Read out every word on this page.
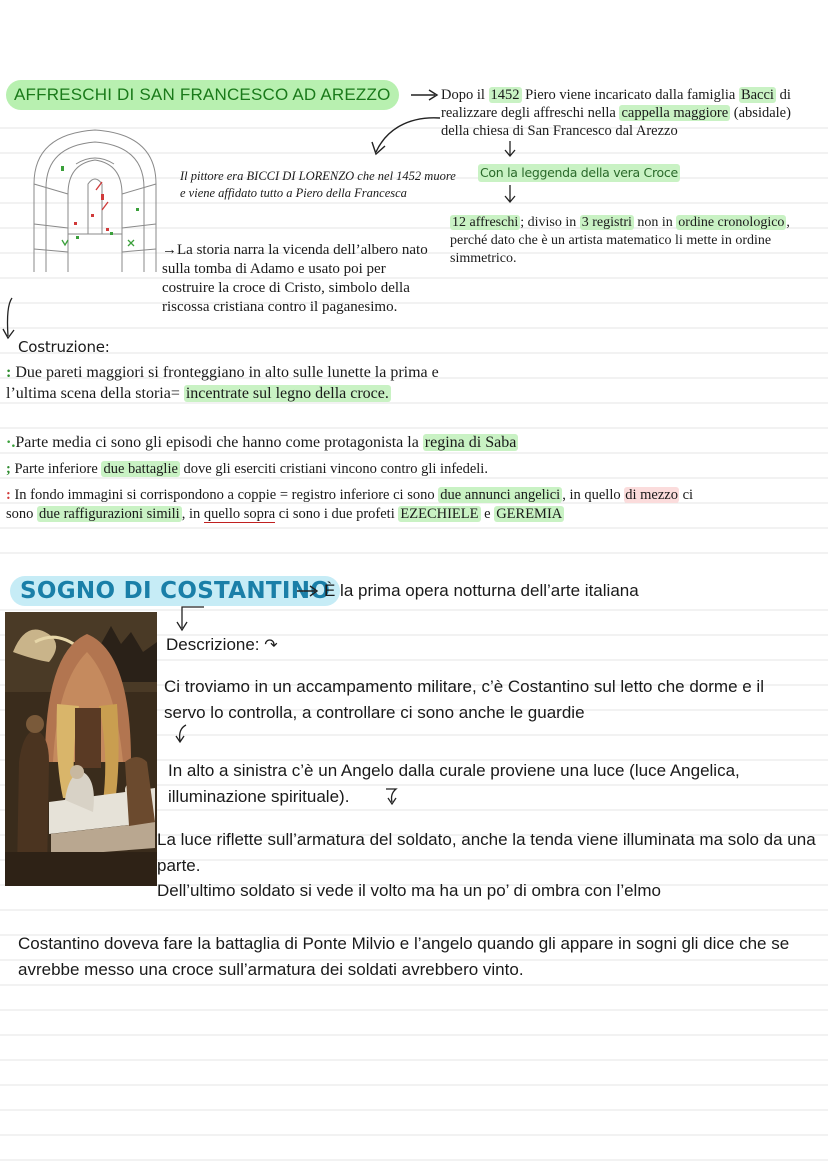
AFFRESCHI DI SAN FRANCESCO AD AREZZO	Dopo il 1452 Piero viene incaricato dalla famiglia Bacci di realizzare degli affreschi nella cappella maggiore (absidale) della chiesa di San Francesco dal Arezzo
Con la leggenda della vera Croce
12 affreschi ; diviso in 3 registri non in ordine cronologico , perché dato che è un artista matematico li mette in ordine simmetrico.
Il pittore era BICCI DI LORENZO che nel 1452 muore e viene affidato tutto a Piero della Francesca
→La storia narra la vicenda dell’albero nato sulla tomba di Adamo e usato poi per costruire la croce di Cristo, simbolo della riscossa cristiana contro il paganesimo.
Costruzione:
: Due pareti maggiori si fronteggiano in alto sulle lunette la prima e l’ultima scena della storia= incentrate sul legno della croce.
·.Parte media ci sono gli episodi che hanno come protagonista la regina di Saba
; Parte inferiore due battaglie dove gli eserciti cristiani vincono contro gli infedeli.
: In fondo immagini si corrispondono a coppie = registro inferiore ci sono due annunci angelici , in quello di mezzo ci sono due raffigurazioni simili , in quello sopra ci sono i due profeti EZECHIELE e GEREMIA
SOGNO DI COSTANTINO
È la prima opera notturna dell’arte italiana
Descrizione: ↷
Ci troviamo in un accampamento militare, c’è Costantino sul letto che dorme e il servo lo controlla, a controllare ci sono anche le guardie
In alto a sinistra c’è un Angelo dalla curale proviene una luce (luce Angelica, illuminazione spirituale).
La luce riflette sull’armatura del soldato, anche la tenda viene illuminata ma solo da una parte.
Dell’ultimo soldato si vede il volto ma ha un po’ di ombra con l’elmo
Costantino doveva fare la battaglia di Ponte Milvio e l’angelo quando gli appare in sogni gli dice che se avrebbe messo una croce sull’armatura dei soldati avrebbero vinto.
